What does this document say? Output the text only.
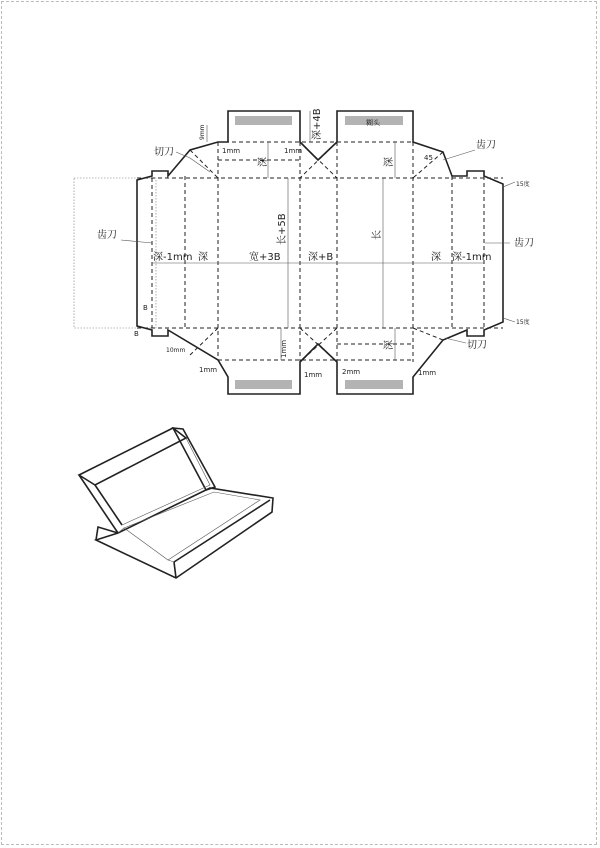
齿刀
齿刀
切刀
齿刀
切刀
深-1mm	深-1mm
深	深
宽+3B	深+B
长+5B	长
深+4B
深	深
深
糊头
9mm
1mm	1mm
1mm
1mm
1mm	1mm
2mm
10mm
B
B
45
15度
15度
